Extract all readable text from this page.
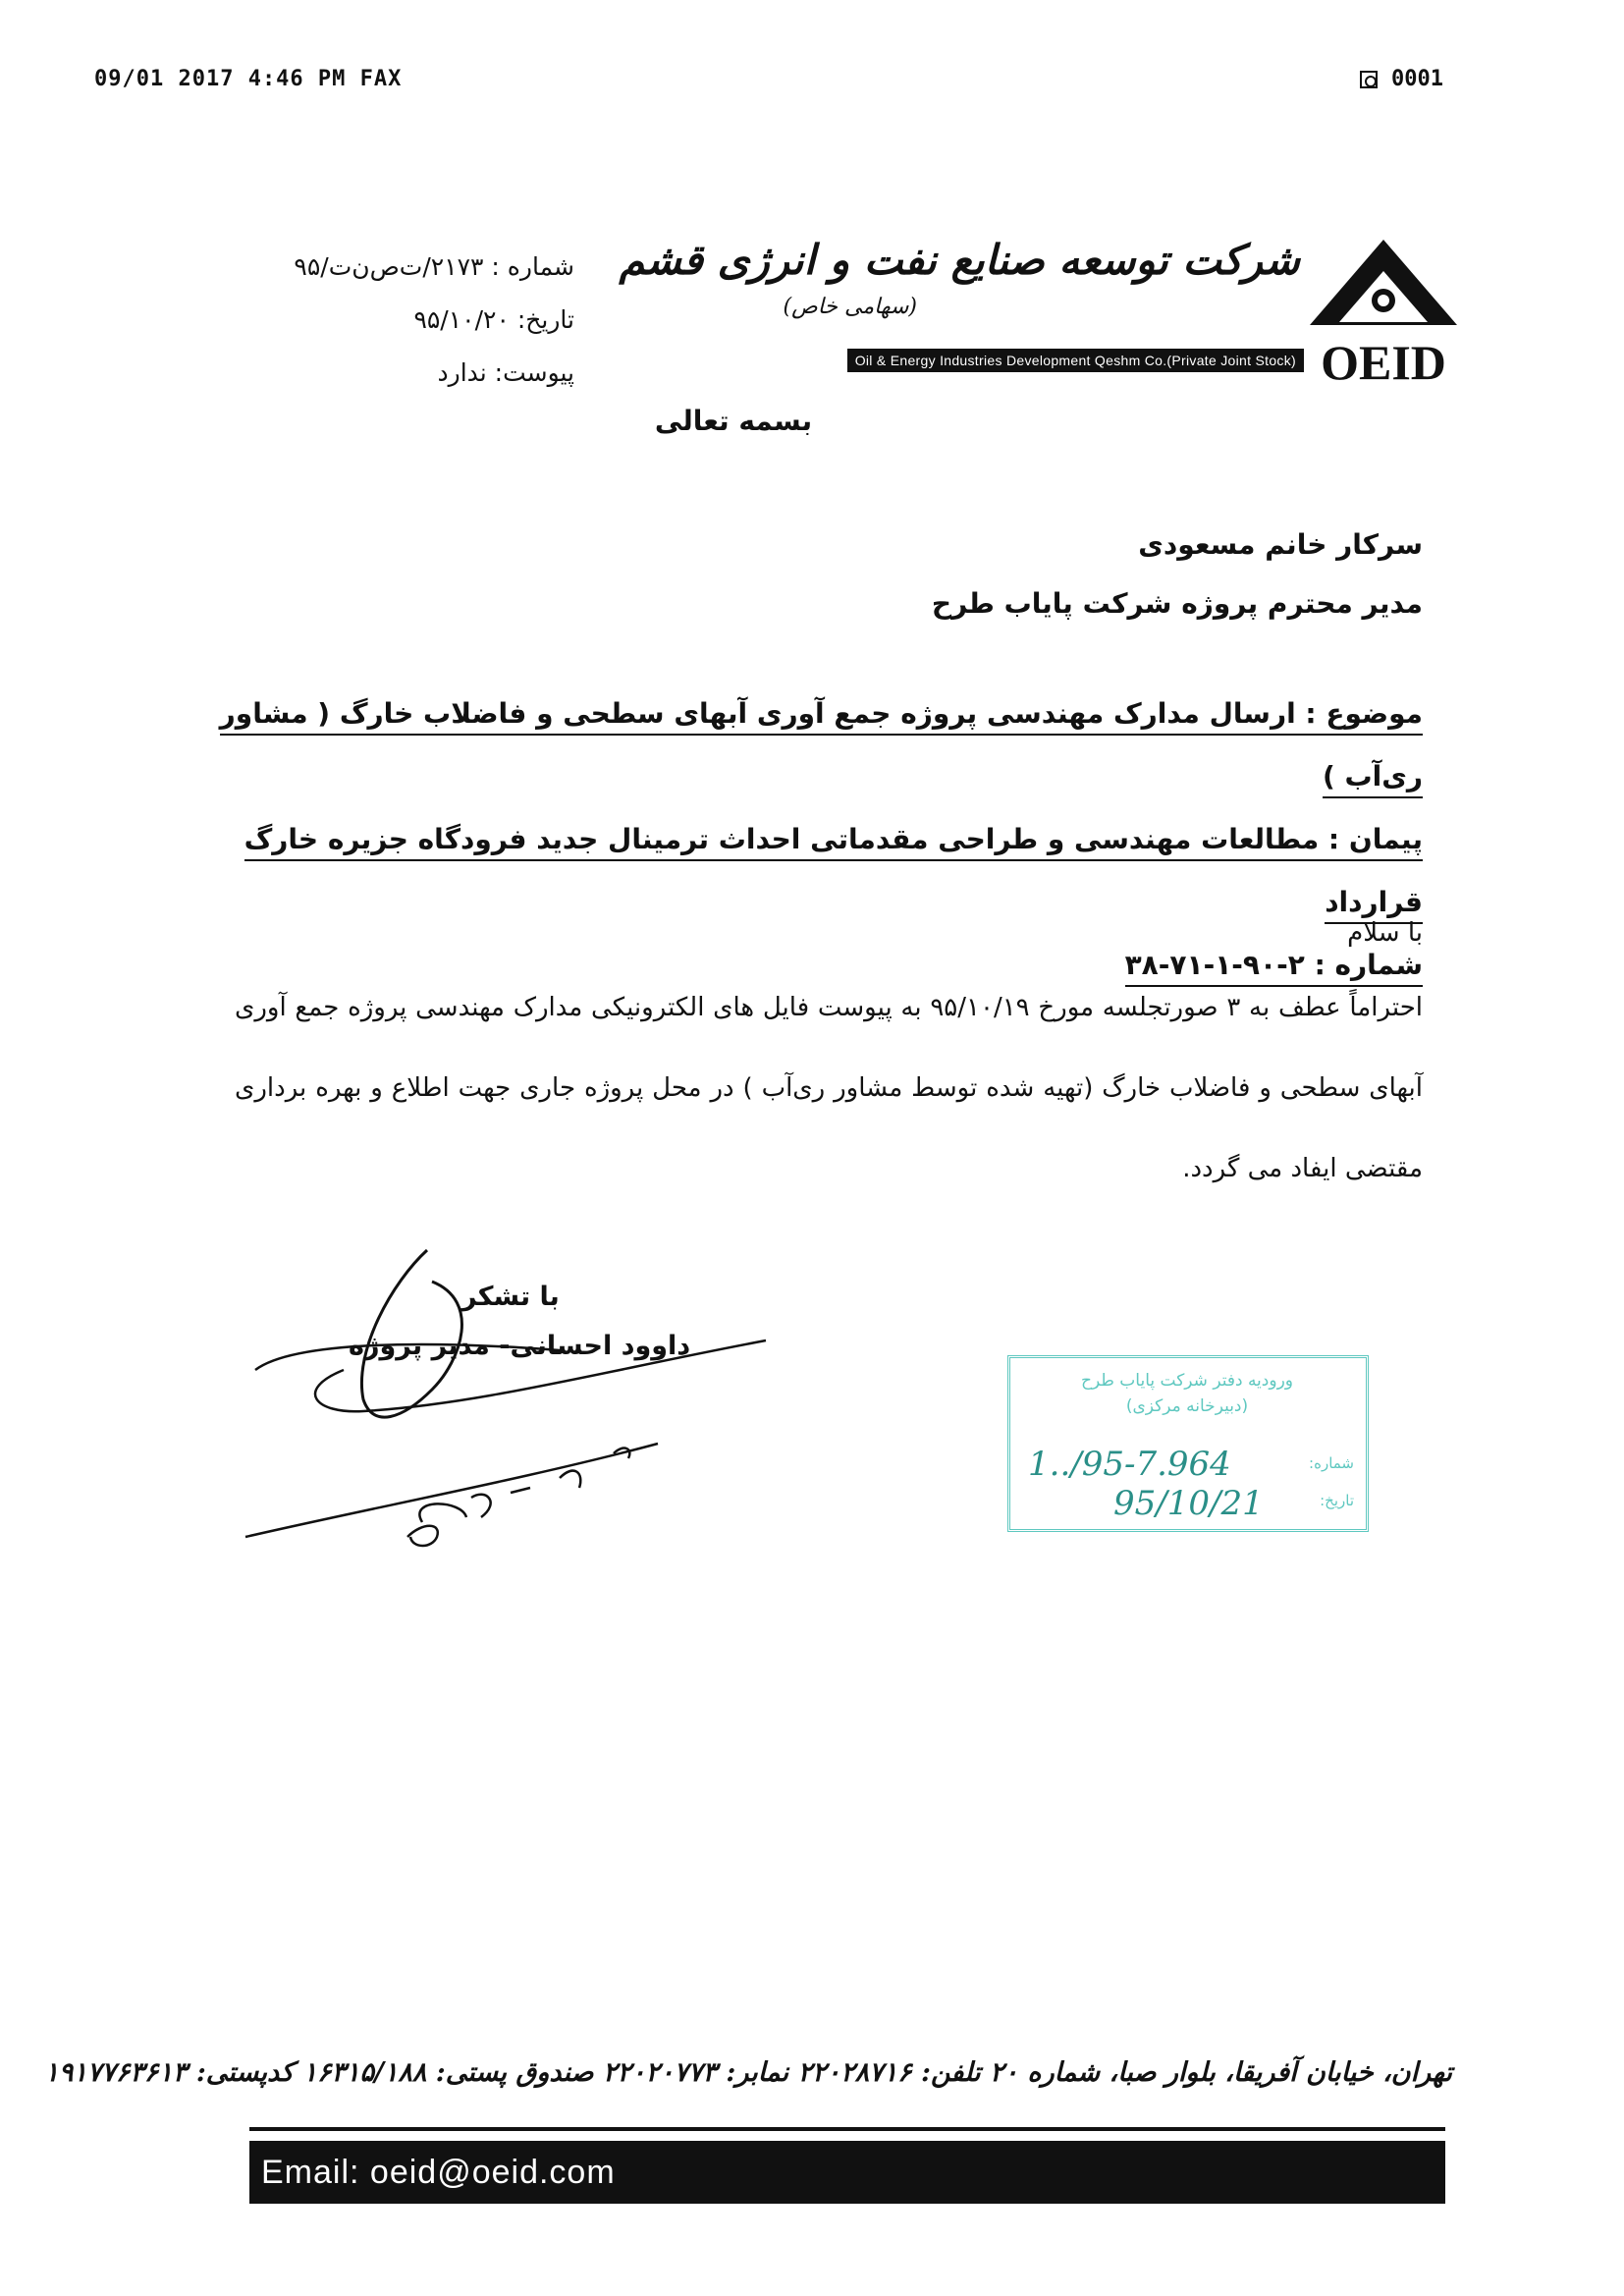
09/01 2017 4:46 PM FAX	0001
OEID
شرکت توسعه صنایع نفت و انرژی قشم
(سهامی خاص)
Oil & Energy Industries Development Qeshm Co.(Private Joint Stock)
شماره : ۲۱۷۳/ت‌ص‌ن‌ت/۹۵
تاریخ: ۹۵/۱۰/۲۰
پیوست: ندارد
بسمه تعالی
سرکار خانم مسعودی
مدیر محترم پروژه شرکت پایاب طرح
موضوع : ارسال مدارک مهندسی پروژه جمع آوری آبهای سطحی و فاضلاب خارگ ( مشاور ری‌آب )
پیمان : مطالعات مهندسی و طراحی مقدماتی احداث ترمینال جدید فرودگاه جزیره خارگ قرارداد
شماره : ۲-۹۰-۱-۷۱-۳۸
با سلام
احتراماً عطف به ۳ صورتجلسه مورخ ۹۵/۱۰/۱۹ به پیوست فایل های الکترونیکی مدارک مهندسی پروژه جمع آوری آبهای سطحی و فاضلاب خارگ (تهیه شده توسط مشاور ری‌آب ) در محل پروژه جاری جهت اطلاع و بهره برداری مقتضی ایفاد می گردد.
با تشکر
داوود احسانی- مدیر پروژه
ورودیه دفتر شرکت پایاب طرح
(دبیرخانه مرکزی)
شماره:
تاریخ:
1../95-7.964
95/10/21
تهران، خیابان آفریقا، بلوار صبا، شماره ۲۰ تلفن: ۲۲۰۲۸۷۱۶ نمابر: ۲۲۰۲۰۷۷۳ صندوق پستی: ۱۶۳۱۵/۱۸۸ کدپستی: ۱۹۱۷۷۶۳۶۱۳
Email: oeid@oeid.com
